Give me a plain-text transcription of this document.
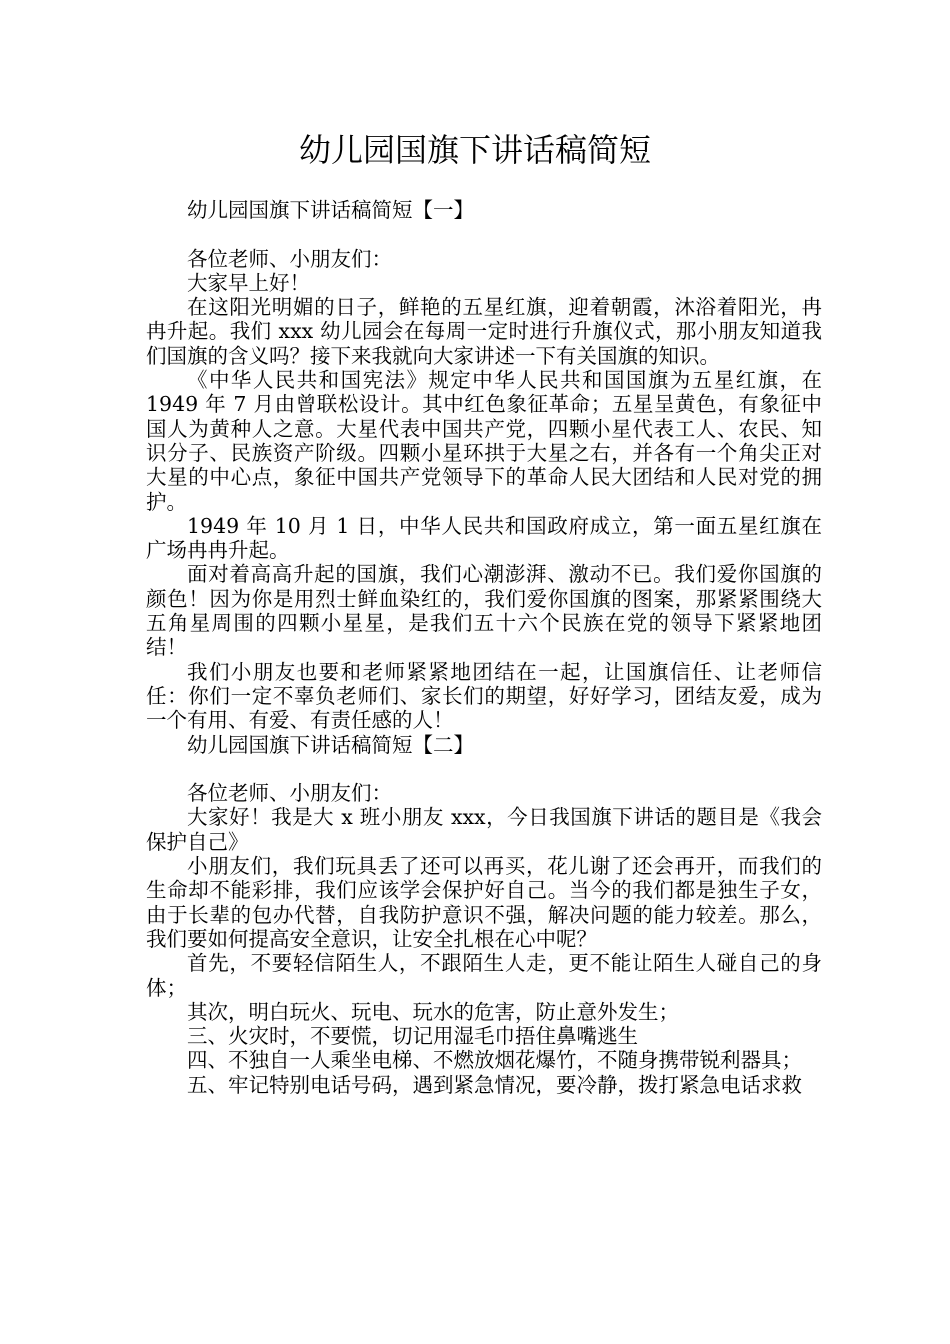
幼儿园国旗下讲话稿简短

幼儿园国旗下讲话稿简短【一】

各位老师、小朋友们：

大家早上好！

在这阳光明媚的日子，鲜艳的五星红旗，迎着朝霞，沐浴着阳光，冉冉升起。我们 xxx 幼儿园会在每周一定时进行升旗仪式，那小朋友知道我们国旗的含义吗？接下来我就向大家讲述一下有关国旗的知识。

《中华人民共和国宪法》规定中华人民共和国国旗为五星红旗，在 1949 年 7 月由曾联松设计。其中红色象征革命；五星呈黄色，有象征中国人为黄种人之意。大星代表中国共产党，四颗小星代表工人、农民、知识分子、民族资产阶级。四颗小星环拱于大星之右，并各有一个角尖正对大星的中心点，象征中国共产党领导下的革命人民大团结和人民对党的拥护。

1949 年 10 月 1 日，中华人民共和国政府成立，第一面五星红旗在广场冉冉升起。

面对着高高升起的国旗，我们心潮澎湃、激动不已。我们爱你国旗的颜色！因为你是用烈士鲜血染红的，我们爱你国旗的图案，那紧紧围绕大五角星周围的四颗小星星，是我们五十六个民族在党的领导下紧紧地团结！

我们小朋友也要和老师紧紧地团结在一起，让国旗信任、让老师信任：你们一定不辜负老师们、家长们的期望，好好学习，团结友爱，成为一个有用、有爱、有责任感的人！

幼儿园国旗下讲话稿简短【二】

各位老师、小朋友们：

大家好！我是大 x 班小朋友 xxx，今日我国旗下讲话的题目是《我会保护自己》

小朋友们，我们玩具丢了还可以再买，花儿谢了还会再开，而我们的生命却不能彩排，我们应该学会保护好自己。当今的我们都是独生子女，由于长辈的包办代替，自我防护意识不强，解决问题的能力较差。那么，我们要如何提高安全意识，让安全扎根在心中呢？

首先，不要轻信陌生人，不跟陌生人走，更不能让陌生人碰自己的身体；

其次，明白玩火、玩电、玩水的危害，防止意外发生；

三、火灾时，不要慌，切记用湿毛巾捂住鼻嘴逃生

四、不独自一人乘坐电梯、不燃放烟花爆竹，不随身携带锐利器具；

五、牢记特别电话号码，遇到紧急情况，要冷静，拨打紧急电话求救
